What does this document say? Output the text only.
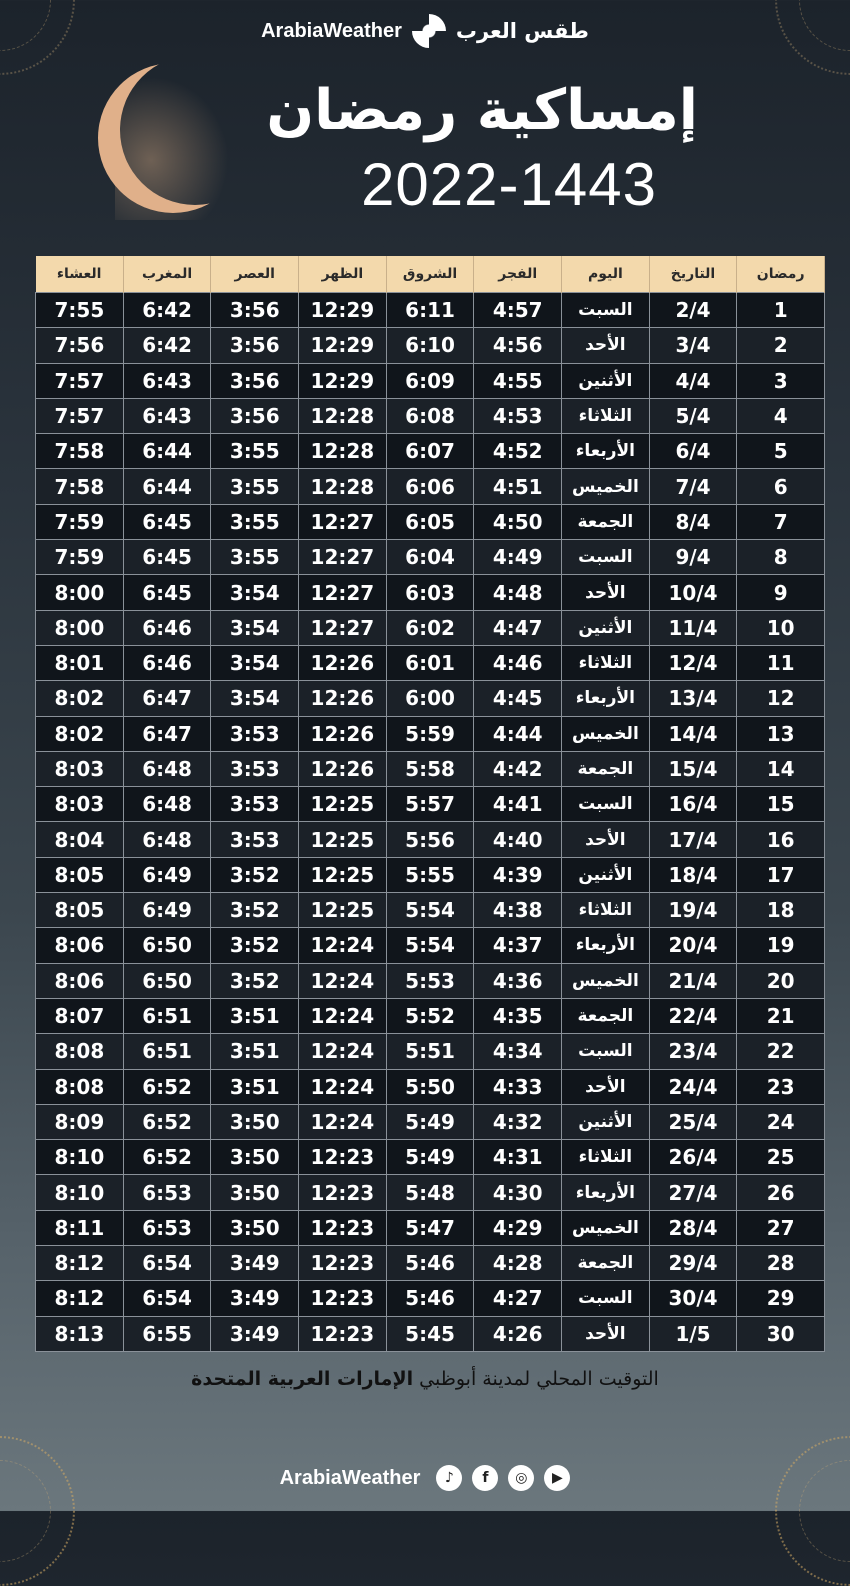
ArabiaWeather	طقس العرب
إمساكية رمضان
2022-1443
رمضان	التاريخ	اليوم	الفجر	الشروق	الظهر	العصر	المغرب	العشاء
1	2/4	السبت	4:57	6:11	12:29	3:56	6:42	7:55
2	3/4	الأحد	4:56	6:10	12:29	3:56	6:42	7:56
3	4/4	الأثنين	4:55	6:09	12:29	3:56	6:43	7:57
4	5/4	الثلاثاء	4:53	6:08	12:28	3:56	6:43	7:57
5	6/4	الأربعاء	4:52	6:07	12:28	3:55	6:44	7:58
6	7/4	الخميس	4:51	6:06	12:28	3:55	6:44	7:58
7	8/4	الجمعة	4:50	6:05	12:27	3:55	6:45	7:59
8	9/4	السبت	4:49	6:04	12:27	3:55	6:45	7:59
9	10/4	الأحد	4:48	6:03	12:27	3:54	6:45	8:00
10	11/4	الأثنين	4:47	6:02	12:27	3:54	6:46	8:00
11	12/4	الثلاثاء	4:46	6:01	12:26	3:54	6:46	8:01
12	13/4	الأربعاء	4:45	6:00	12:26	3:54	6:47	8:02
13	14/4	الخميس	4:44	5:59	12:26	3:53	6:47	8:02
14	15/4	الجمعة	4:42	5:58	12:26	3:53	6:48	8:03
15	16/4	السبت	4:41	5:57	12:25	3:53	6:48	8:03
16	17/4	الأحد	4:40	5:56	12:25	3:53	6:48	8:04
17	18/4	الأثنين	4:39	5:55	12:25	3:52	6:49	8:05
18	19/4	الثلاثاء	4:38	5:54	12:25	3:52	6:49	8:05
19	20/4	الأربعاء	4:37	5:54	12:24	3:52	6:50	8:06
20	21/4	الخميس	4:36	5:53	12:24	3:52	6:50	8:06
21	22/4	الجمعة	4:35	5:52	12:24	3:51	6:51	8:07
22	23/4	السبت	4:34	5:51	12:24	3:51	6:51	8:08
23	24/4	الأحد	4:33	5:50	12:24	3:51	6:52	8:08
24	25/4	الأثنين	4:32	5:49	12:24	3:50	6:52	8:09
25	26/4	الثلاثاء	4:31	5:49	12:23	3:50	6:52	8:10
26	27/4	الأربعاء	4:30	5:48	12:23	3:50	6:53	8:10
27	28/4	الخميس	4:29	5:47	12:23	3:50	6:53	8:11
28	29/4	الجمعة	4:28	5:46	12:23	3:49	6:54	8:12
29	30/4	السبت	4:27	5:46	12:23	3:49	6:54	8:12
30	1/5	الأحد	4:26	5:45	12:23	3:49	6:55	8:13
التوقيت المحلي لمدينة أبوظبي الإمارات العربية المتحدة
ArabiaWeather	♪	f	◎	▶
